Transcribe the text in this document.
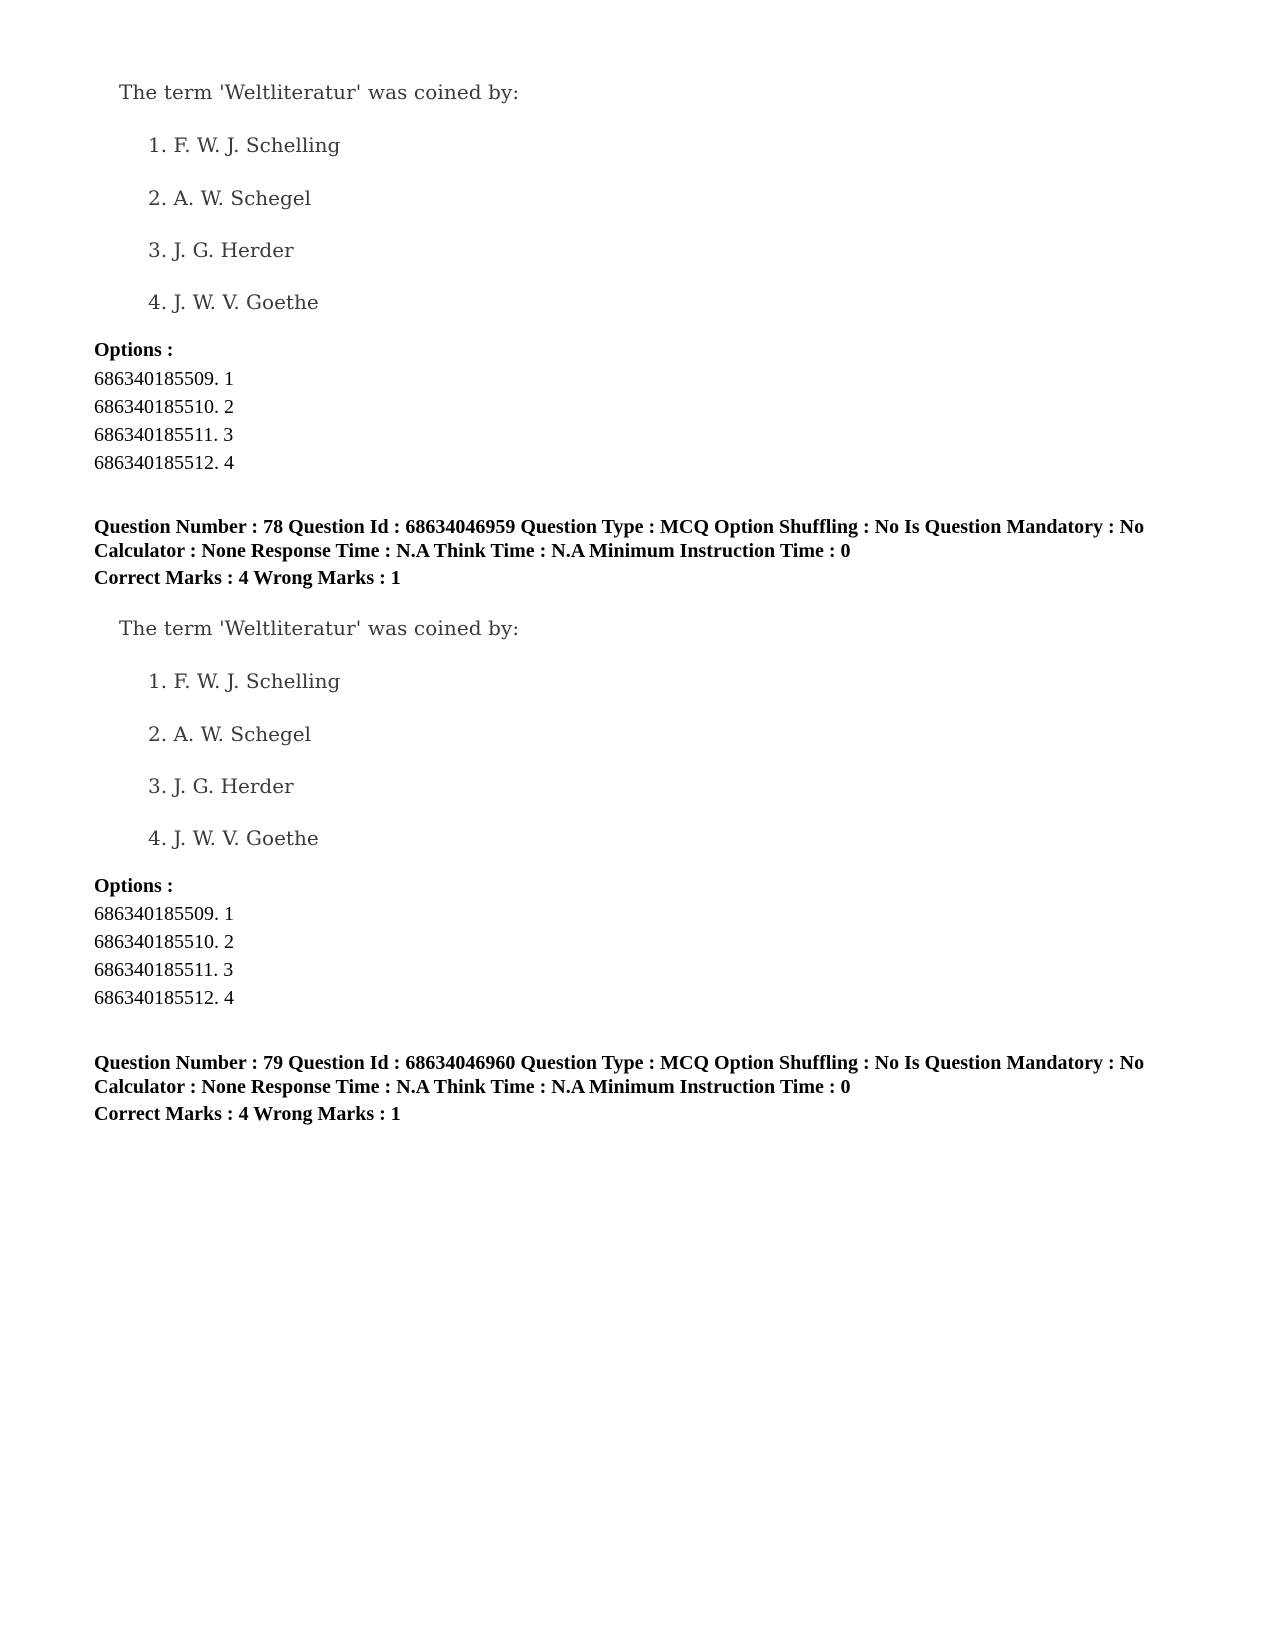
The term 'Weltliteratur' was coined by:
1. F. W. J. Schelling
2. A. W. Schegel
3. J. G. Herder
4. J. W. V. Goethe
Options :
686340185509. 1
686340185510. 2
686340185511. 3
686340185512. 4
Question Number : 78 Question Id : 68634046959 Question Type : MCQ Option Shuffling : No Is Question Mandatory : No Calculator : None Response Time : N.A Think Time : N.A Minimum Instruction Time : 0
Correct Marks : 4 Wrong Marks : 1
The term 'Weltliteratur' was coined by:
1. F. W. J. Schelling
2. A. W. Schegel
3. J. G. Herder
4. J. W. V. Goethe
Options :
686340185509. 1
686340185510. 2
686340185511. 3
686340185512. 4
Question Number : 79 Question Id : 68634046960 Question Type : MCQ Option Shuffling : No Is Question Mandatory : No Calculator : None Response Time : N.A Think Time : N.A Minimum Instruction Time : 0
Correct Marks : 4 Wrong Marks : 1
